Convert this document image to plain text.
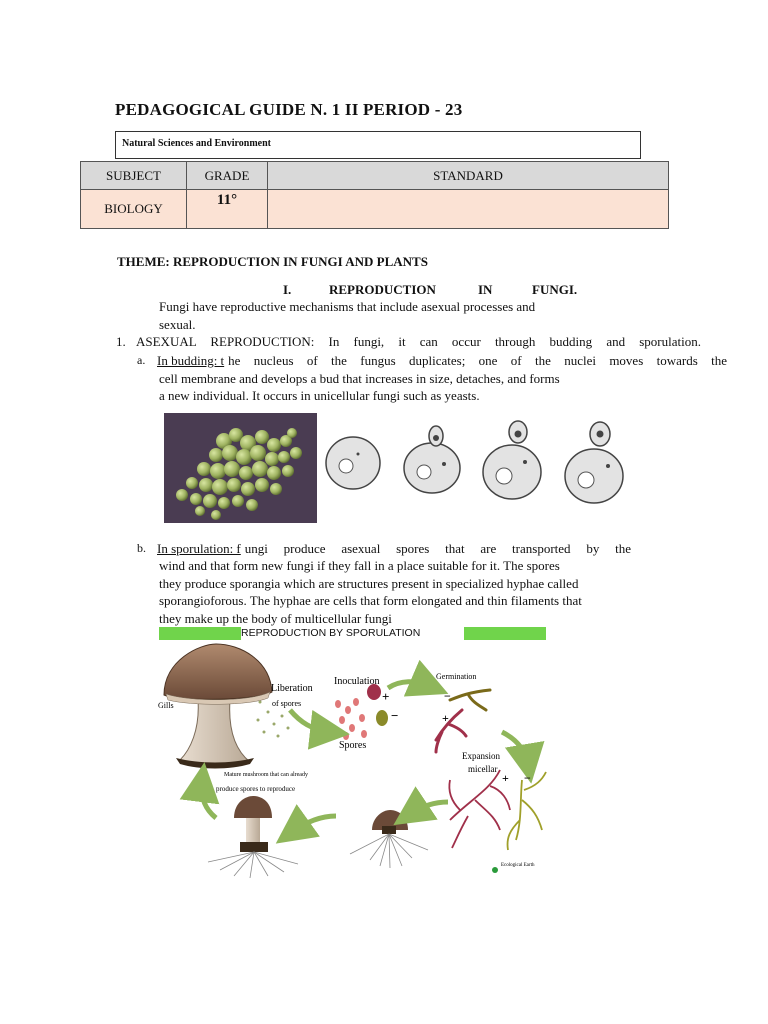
PEDAGOGICAL GUIDE N. 1 II PERIOD - 23
Natural Sciences and Environment
SUBJECT	GRADE	STANDARD
BIOLOGY	11°	
THEME: REPRODUCTION IN FUNGI AND PLANTS
I.	REPRODUCTION	IN	FUNGI.
Fungi have reproductive mechanisms that include asexual processes and
sexual.
1. ASEXUAL REPRODUCTION: In fungi, it can occur through budding and sporulation.
a. In budding: t he nucleus of the fungus duplicates; one of the nuclei moves towards the
cell membrane and develops a bud that increases in size, detaches, and forms
a new individual. It occurs in unicellular fungi such as yeasts.
b. In sporulation: f ungi produce asexual spores that are transported by the
wind and that form new fungi if they fall in a place suitable for it. The spores
they produce sporangia which are structures present in specialized hyphae called
sporangioforous. The hyphae are cells that form elongated and thin filaments that
they make up the body of multicellular fungi
REPRODUCTION BY SPORULATION
Gills
Liberation
of spores
Inoculation
Spores
Germination
Expansion
micellar
Mature mushroom that can already
produce spores to reproduce
+
−
−
+
+ −
Ecological Earth
